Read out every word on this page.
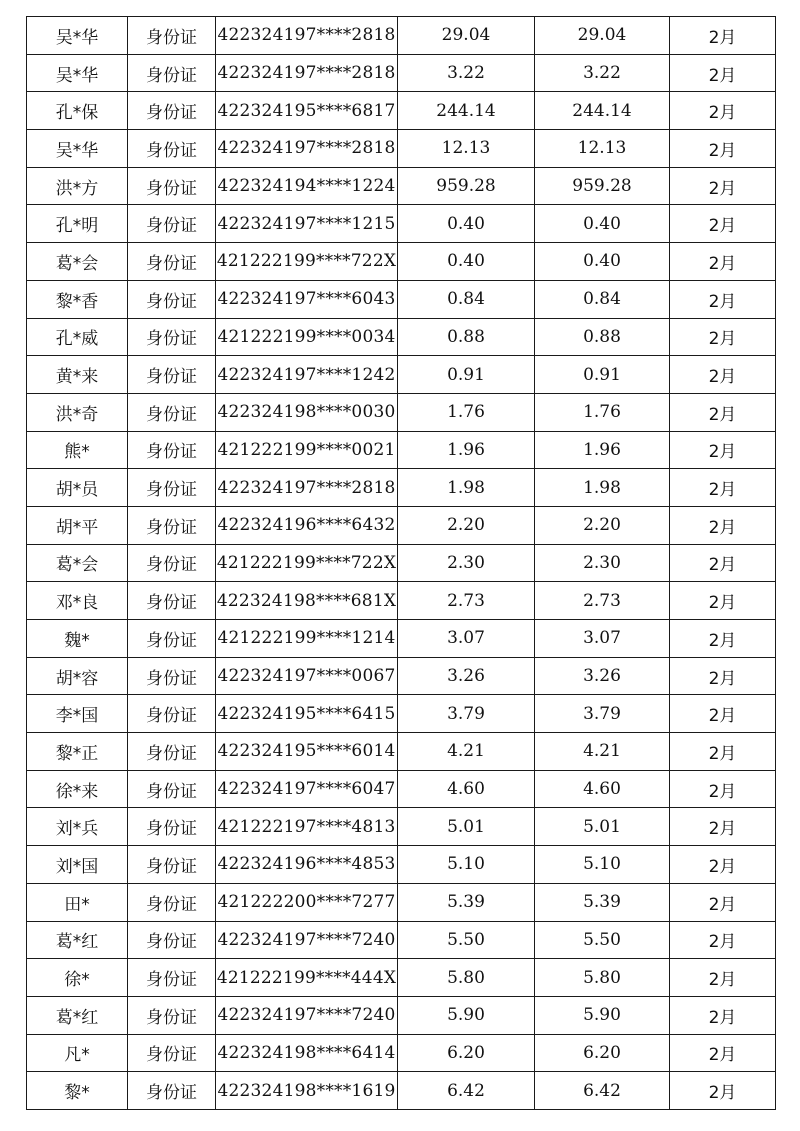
吴*华	身份证	422324197****2818	29.04	29.04	2月
吴*华	身份证	422324197****2818	3.22	3.22	2月
孔*保	身份证	422324195****6817	244.14	244.14	2月
吴*华	身份证	422324197****2818	12.13	12.13	2月
洪*方	身份证	422324194****1224	959.28	959.28	2月
孔*明	身份证	422324197****1215	0.40	0.40	2月
葛*会	身份证	421222199****722X	0.40	0.40	2月
黎*香	身份证	422324197****6043	0.84	0.84	2月
孔*威	身份证	421222199****0034	0.88	0.88	2月
黄*来	身份证	422324197****1242	0.91	0.91	2月
洪*奇	身份证	422324198****0030	1.76	1.76	2月
熊*	身份证	421222199****0021	1.96	1.96	2月
胡*员	身份证	422324197****2818	1.98	1.98	2月
胡*平	身份证	422324196****6432	2.20	2.20	2月
葛*会	身份证	421222199****722X	2.30	2.30	2月
邓*良	身份证	422324198****681X	2.73	2.73	2月
魏*	身份证	421222199****1214	3.07	3.07	2月
胡*容	身份证	422324197****0067	3.26	3.26	2月
李*国	身份证	422324195****6415	3.79	3.79	2月
黎*正	身份证	422324195****6014	4.21	4.21	2月
徐*来	身份证	422324197****6047	4.60	4.60	2月
刘*兵	身份证	421222197****4813	5.01	5.01	2月
刘*国	身份证	422324196****4853	5.10	5.10	2月
田*	身份证	421222200****7277	5.39	5.39	2月
葛*红	身份证	422324197****7240	5.50	5.50	2月
徐*	身份证	421222199****444X	5.80	5.80	2月
葛*红	身份证	422324197****7240	5.90	5.90	2月
凡*	身份证	422324198****6414	6.20	6.20	2月
黎*	身份证	422324198****1619	6.42	6.42	2月
